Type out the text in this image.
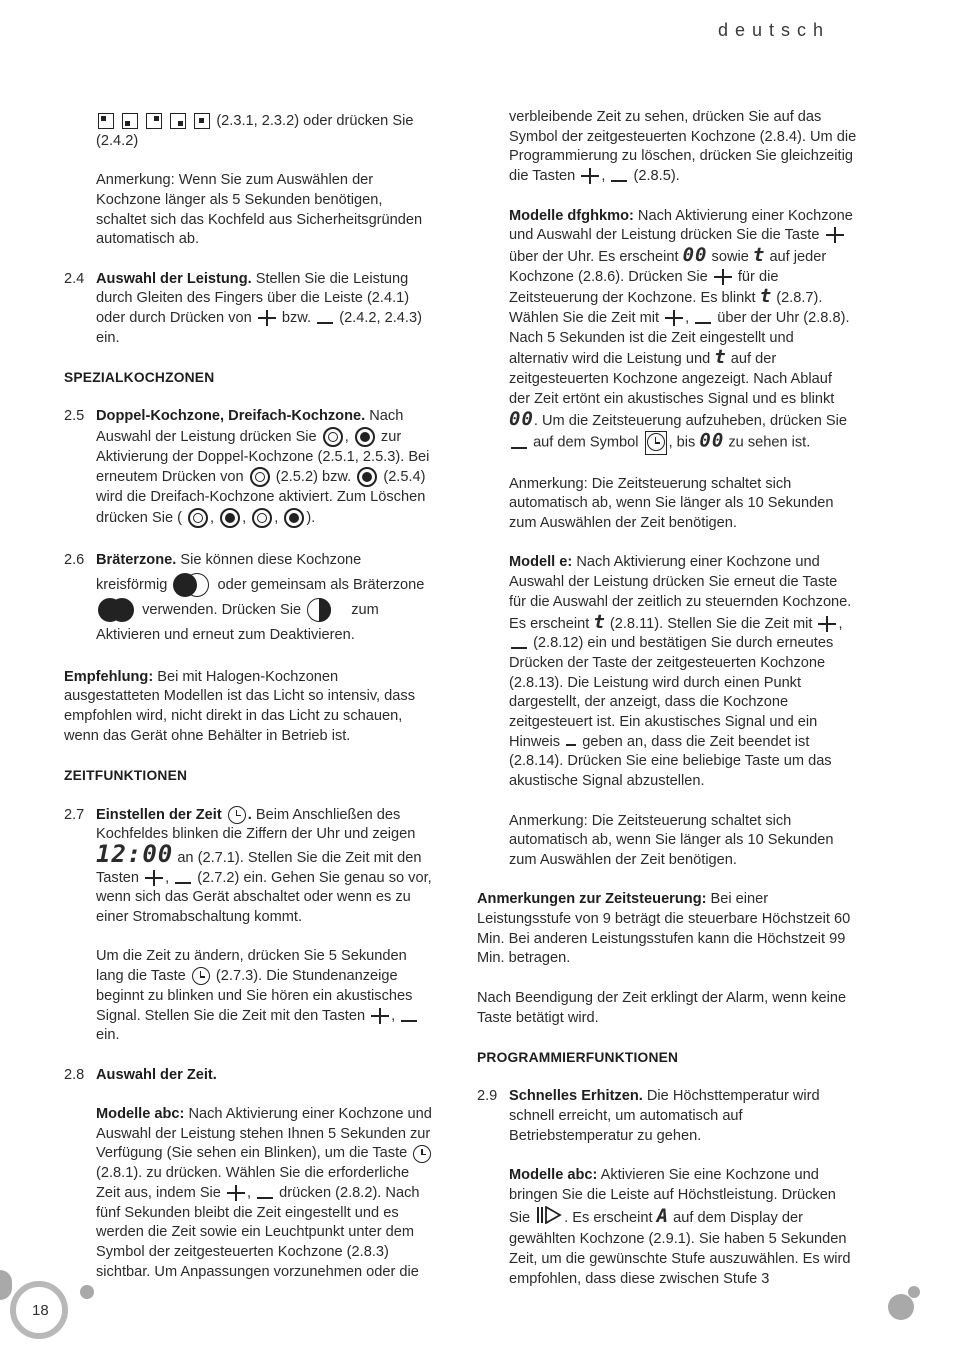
deutsch

(2.3.1, 2.3.2) oder drücken Sie (2.4.2)

Anmerkung: Wenn Sie zum Auswählen der Kochzone länger als 5 Sekunden benötigen, schaltet sich das Kochfeld aus Sicherheitsgründen automatisch ab.

2.4 Auswahl der Leistung. Stellen Sie die Leistung durch Gleiten des Fingers über die Leiste (2.4.1) oder durch Drücken von bzw. (2.4.2, 2.4.3) ein.

SPEZIALKOCHZONEN

2.5 Doppel-Kochzone, Dreifach-Kochzone. Nach Auswahl der Leistung drücken Sie , zur Aktivierung der Doppel-Kochzone (2.5.1, 2.5.3). Bei erneutem Drücken von (2.5.2) bzw. (2.5.4) wird die Dreifach-Kochzone aktiviert. Zum Löschen drücken Sie ( , , , ).

2.6 Bräterzone. Sie können diese Kochzone
kreisförmig	oder gemeinsam als Bräterzone

verwenden. Drücken Sie	zum
Aktivieren und erneut zum Deaktivieren.

Empfehlung: Bei mit Halogen-Kochzonen ausgestatteten Modellen ist das Licht so intensiv, dass empfohlen wird, nicht direkt in das Licht zu schauen, wenn das Gerät ohne Behälter in Betrieb ist.

ZEITFUNKTIONEN

2.7 Einstellen der Zeit . Beim Anschließen des Kochfeldes blinken die Ziffern der Uhr und zeigen 12:00 an (2.7.1). Stellen Sie die Zeit mit den Tasten ,  (2.7.2) ein. Gehen Sie genau so vor, wenn sich das Gerät abschaltet oder wenn es zu einer Stromabschaltung kommt.

Um die Zeit zu ändern, drücken Sie 5 Sekunden lang die Taste (2.7.3). Die Stundenanzeige beginnt zu blinken und Sie hören ein akustisches Signal. Stellen Sie die Zeit mit den Tasten ,  ein.

2.8 Auswahl der Zeit.

Modelle abc: Nach Aktivierung einer Kochzone und Auswahl der Leistung stehen Ihnen 5 Sekunden zur Verfügung (Sie sehen ein Blinken), um die Taste  (2.8.1). zu drücken. Wählen Sie die erforderliche Zeit aus, indem Sie ,  drücken (2.8.2). Nach fünf Sekunden bleibt die Zeit eingestellt und es werden die Zeit sowie ein Leuchtpunkt unter dem Symbol der zeitgesteuerten Kochzone (2.8.3) sichtbar. Um Anpassungen vorzunehmen oder die

verbleibende Zeit zu sehen, drücken Sie auf das Symbol der zeitgesteuerten Kochzone (2.8.4). Um die Programmierung zu löschen, drücken Sie gleichzeitig die Tasten ,  (2.8.5).

Modelle dfghkmo: Nach Aktivierung einer Kochzone und Auswahl der Leistung drücken Sie die Taste  über der Uhr. Es erscheint 00 sowie t auf jeder Kochzone (2.8.6). Drücken Sie für die Zeitsteuerung der Kochzone. Es blinkt t (2.8.7). Wählen Sie die Zeit mit ,  über der Uhr (2.8.8). Nach 5 Sekunden ist die Zeit eingestellt und alternativ wird die Leistung und t auf der zeitgesteuerten Kochzone angezeigt. Nach Ablauf der Zeit ertönt ein akustisches Signal und es blinkt 00. Um die Zeitsteuerung aufzuheben, drücken Sie  auf dem Symbol , bis 00 zu sehen ist.

Anmerkung: Die Zeitsteuerung schaltet sich automatisch ab, wenn Sie länger als 10 Sekunden zum Auswählen der Zeit benötigen.

Modell e: Nach Aktivierung einer Kochzone und Auswahl der Leistung drücken Sie erneut die Taste für die Auswahl der zeitlich zu steuernden Kochzone. Es erscheint t (2.8.11). Stellen Sie die Zeit mit ,  (2.8.12) ein und bestätigen Sie durch erneutes Drücken der Taste der zeitgesteuerten Kochzone (2.8.13). Die Leistung wird durch einen Punkt dargestellt, der anzeigt, dass die Kochzone zeitgesteuert ist. Ein akustisches Signal und ein Hinweis geben an, dass die Zeit beendet ist (2.8.14). Drücken Sie eine beliebige Taste um das akustische Signal abzustellen.

Anmerkung: Die Zeitsteuerung schaltet sich automatisch ab, wenn Sie länger als 10 Sekunden zum Auswählen der Zeit benötigen.

Anmerkungen zur Zeitsteuerung: Bei einer Leistungsstufe von 9 beträgt die steuerbare Höchstzeit 60 Min. Bei anderen Leistungsstufen kann die Höchstzeit 99 Min. betragen.

Nach Beendigung der Zeit erklingt der Alarm, wenn keine Taste betätigt wird.

PROGRAMMIERFUNKTIONEN

2.9 Schnelles Erhitzen. Die Höchsttemperatur wird schnell erreicht, um automatisch auf Betriebstemperatur zu gehen.

Modelle abc: Aktivieren Sie eine Kochzone und bringen Sie die Leiste auf Höchstleistung. Drücken Sie . Es erscheint A auf dem Display der gewählten Kochzone (2.9.1). Sie haben 5 Sekunden Zeit, um die gewünschte Stufe auszuwählen. Es wird empfohlen, dass diese zwischen Stufe 3

18
